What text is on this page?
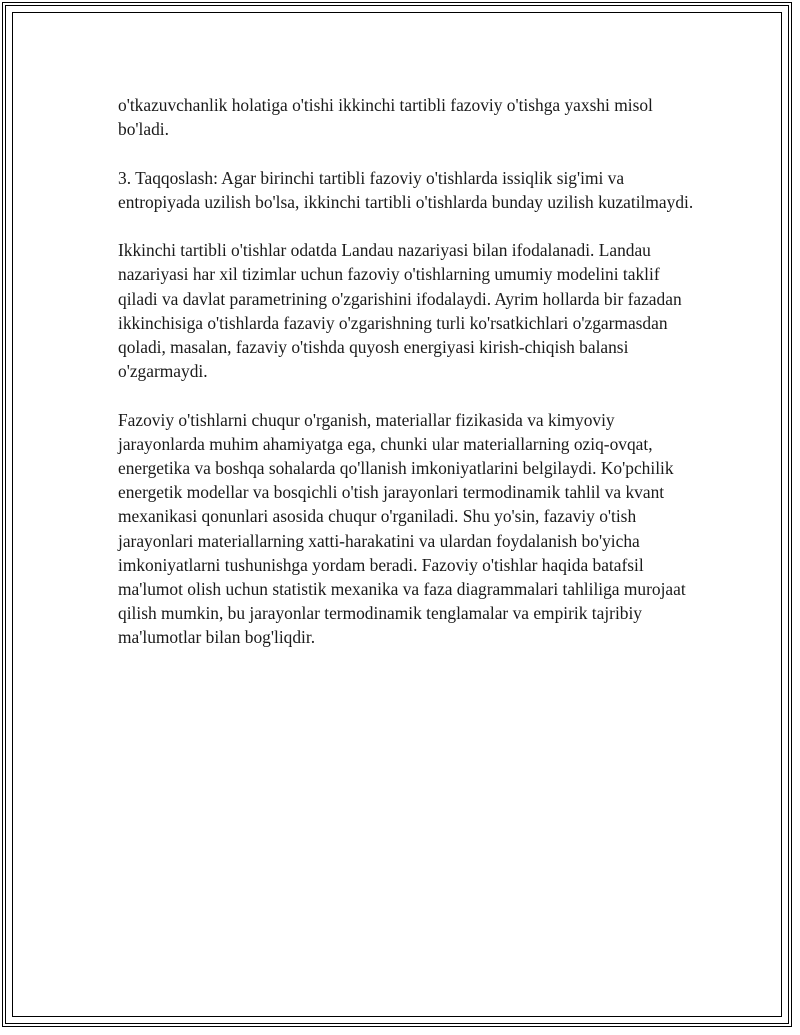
o'tkazuvchanlik holatiga o'tishi ikkinchi tartibli fazoviy o'tishga yaxshi misol bo'ladi.

3. Taqqoslash: Agar birinchi tartibli fazoviy o'tishlarda issiqlik sig'imi va entropiyada uzilish bo'lsa, ikkinchi tartibli o'tishlarda bunday uzilish kuzatilmaydi.

Ikkinchi tartibli o'tishlar odatda Landau nazariyasi bilan ifodalanadi. Landau nazariyasi har xil tizimlar uchun fazoviy o'tishlarning umumiy modelini taklif qiladi va davlat parametrining o'zgarishini ifodalaydi. Ayrim hollarda bir fazadan ikkinchisiga o'tishlarda fazaviy o'zgarishning turli ko'rsatkichlari o'zgarmasdan qoladi, masalan, fazaviy o'tishda quyosh energiyasi kirish-chiqish balansi o'zgarmaydi.

Fazoviy o'tishlarni chuqur o'rganish, materiallar fizikasida va kimyoviy jarayonlarda muhim ahamiyatga ega, chunki ular materiallarning oziq-ovqat, energetika va boshqa sohalarda qo'llanish imkoniyatlarini belgilaydi. Ko'pchilik energetik modellar va bosqichli o'tish jarayonlari termodinamik tahlil va kvant mexanikasi qonunlari asosida chuqur o'rganiladi. Shu yo'sin, fazaviy o'tish jarayonlari materiallarning xatti-harakatini va ulardan foydalanish bo'yicha imkoniyatlarni tushunishga yordam beradi. Fazoviy o'tishlar haqida batafsil ma'lumot olish uchun statistik mexanika va faza diagrammalari tahliliga murojaat qilish mumkin, bu jarayonlar termodinamik tenglamalar va empirik tajribiy ma'lumotlar bilan bog'liqdir.
